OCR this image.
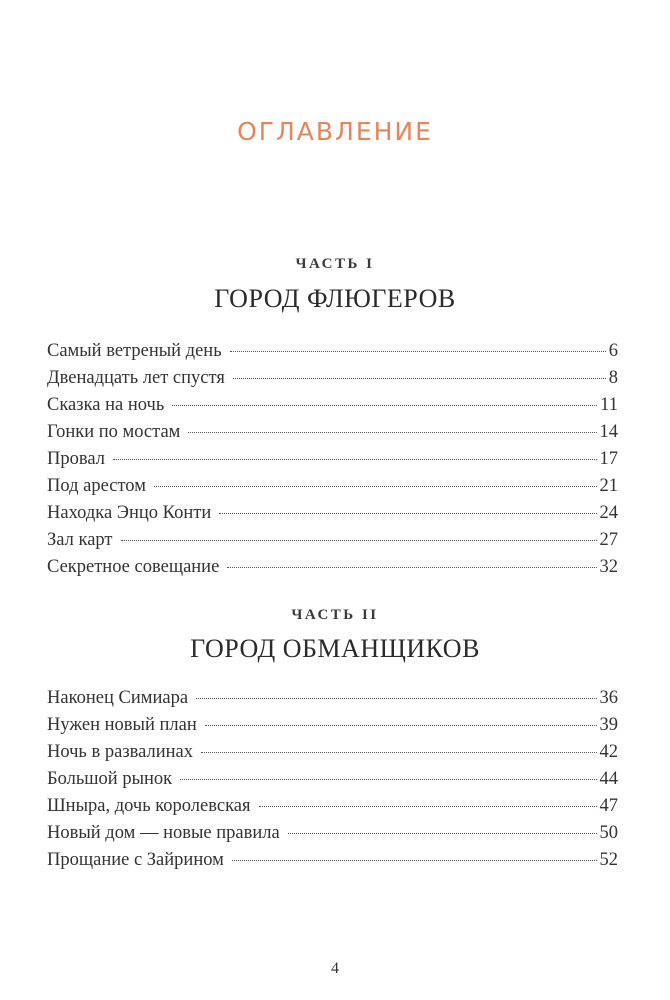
ОГЛАВЛЕНИЕ

ЧАСТЬ I

ГОРОД ФЛЮГЕРОВ
Самый ветреный день	6
Двенадцать лет спустя	8
Сказка на ночь	11
Гонки по мостам	14
Провал	17
Под арестом	21
Находка Энцо Конти	24
Зал карт	27
Секретное совещание	32

ЧАСТЬ II

ГОРОД ОБМАНЩИКОВ
Наконец Симиара	36
Нужен новый план	39
Ночь в развалинах	42
Большой рынок	44
Шныра, дочь королевская	47
Новый дом — новые правила	50
Прощание с Зайрином	52

4
